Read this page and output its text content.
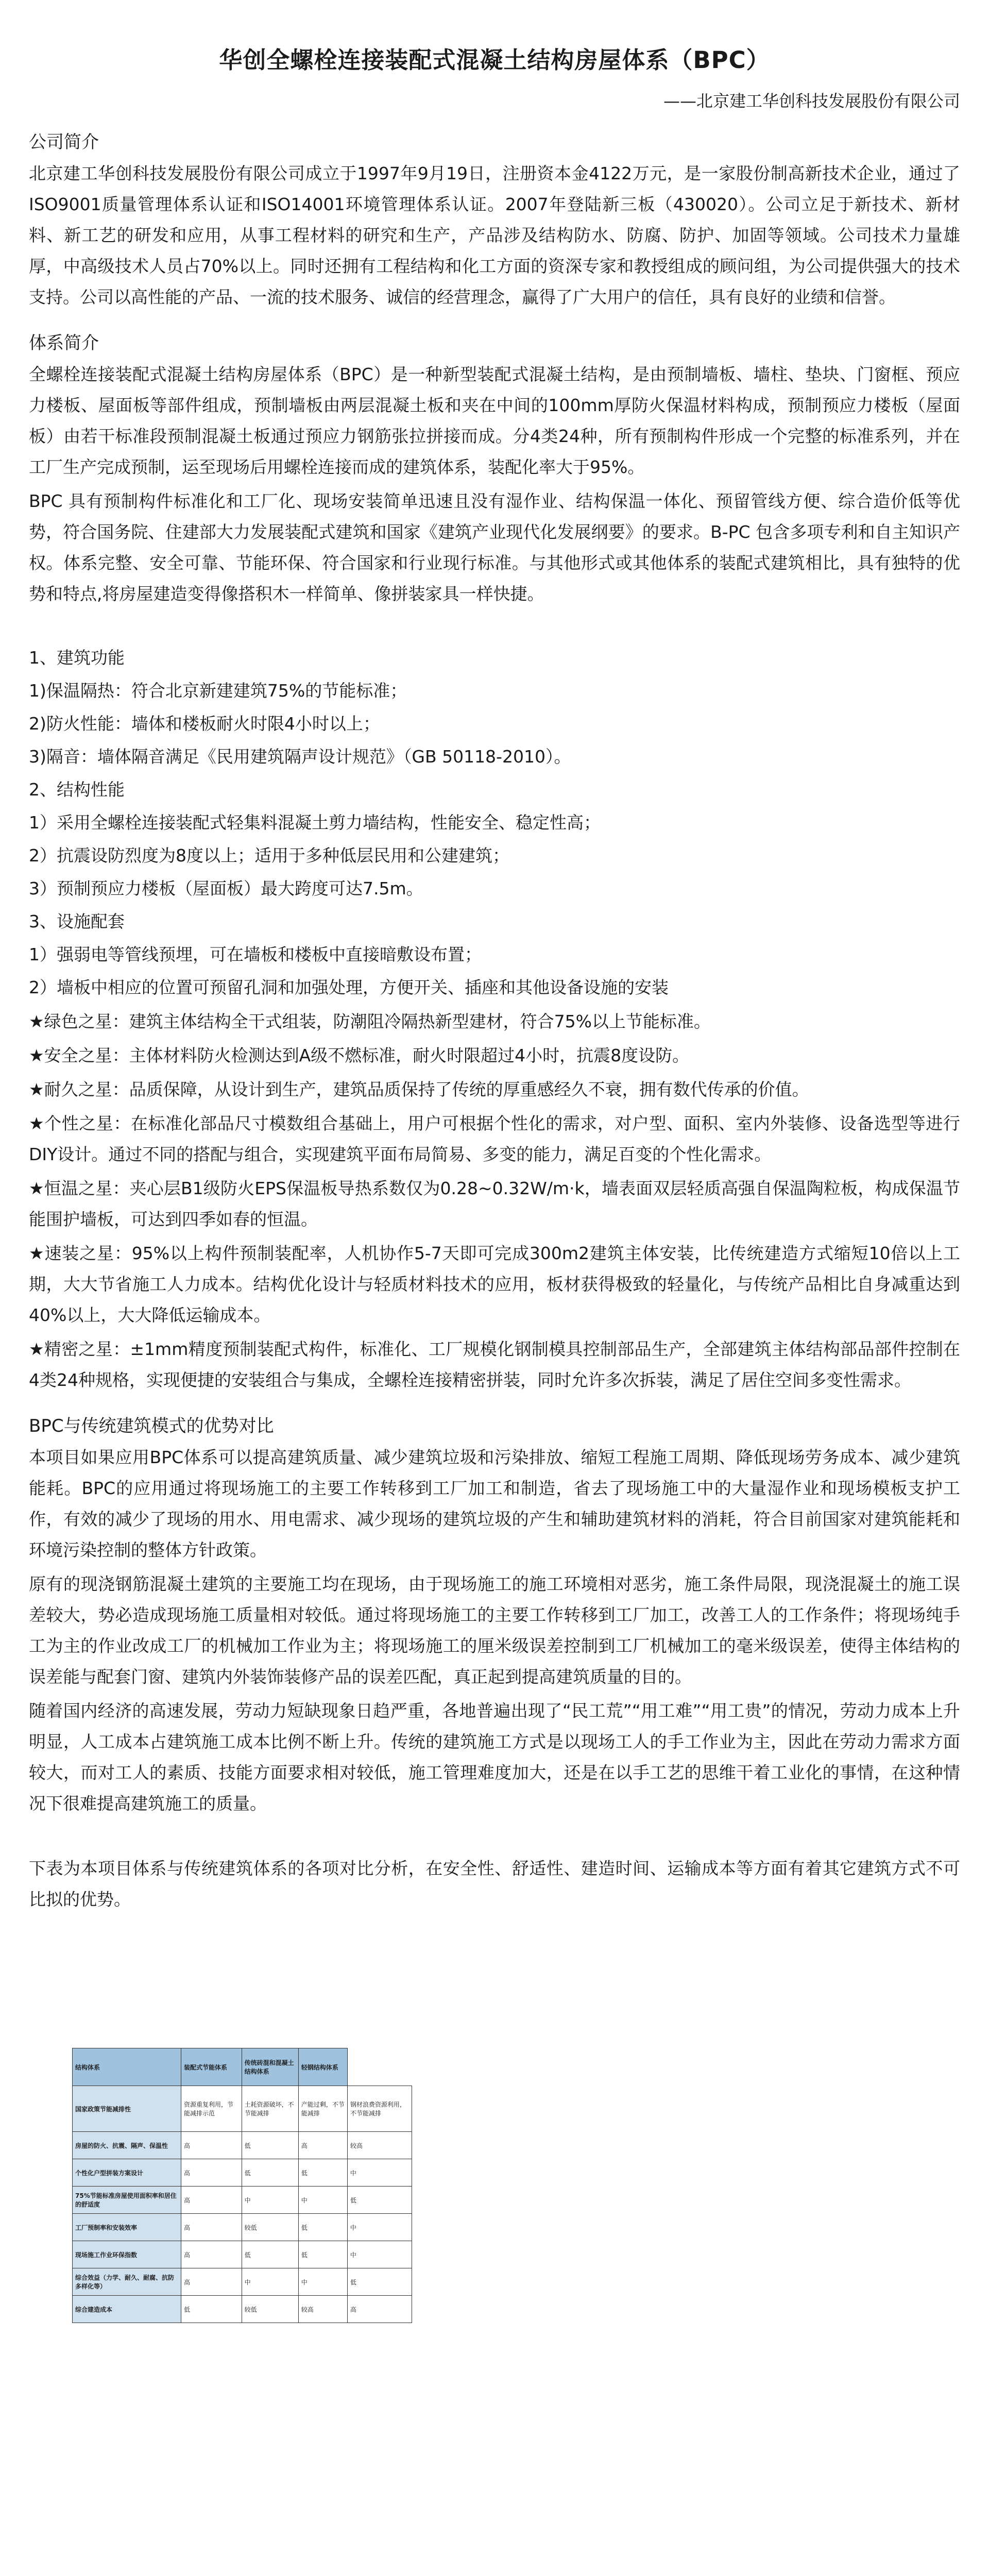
华创全螺栓连接装配式混凝土结构房屋体系（BPC）
——北京建工华创科技发展股份有限公司
公司简介

北京建工华创科技发展股份有限公司成立于1997年9月19日，注册资本金4122万元，是一家股份制高新技术企业，通过了ISO9001质量管理体系认证和ISO14001环境管理体系认证。2007年登陆新三板（430020）。公司立足于新技术、新材料、新工艺的研发和应用，从事工程材料的研究和生产，产品涉及结构防水、防腐、防护、加固等领域。公司技术力量雄厚，中高级技术人员占70%以上。同时还拥有工程结构和化工方面的资深专家和教授组成的顾问组，为公司提供强大的技术支持。公司以高性能的产品、一流的技术服务、诚信的经营理念，赢得了广大用户的信任，具有良好的业绩和信誉。

体系简介

全螺栓连接装配式混凝土结构房屋体系（BPC）是一种新型装配式混凝土结构，是由预制墙板、墙柱、垫块、门窗框、预应力楼板、屋面板等部件组成，预制墙板由两层混凝土板和夹在中间的100mm厚防火保温材料构成，预制预应力楼板（屋面板）由若干标准段预制混凝土板通过预应力钢筋张拉拼接而成。分4类24种，所有预制构件形成一个完整的标准系列，并在工厂生产完成预制，运至现场后用螺栓连接而成的建筑体系，装配化率大于95%。

BPC 具有预制构件标准化和工厂化、现场安装简单迅速且没有湿作业、结构保温一体化、预留管线方便、综合造价低等优势，符合国务院、住建部大力发展装配式建筑和国家《建筑产业现代化发展纲要》的要求。B-PC 包含多项专利和自主知识产权。体系完整、安全可靠、节能环保、符合国家和行业现行标准。与其他形式或其他体系的装配式建筑相比，具有独特的优势和特点,将房屋建造变得像搭积木一样简单、像拼装家具一样快捷。

1、建筑功能
1)保温隔热：符合北京新建建筑75%的节能标准；
2)防火性能：墙体和楼板耐火时限4小时以上；
3)隔音：墙体隔音满足《民用建筑隔声设计规范》（GB 50118-2010）。
2、结构性能
1）采用全螺栓连接装配式轻集料混凝土剪力墙结构，性能安全、稳定性高；
2）抗震设防烈度为8度以上；适用于多种低层民用和公建建筑；
3）预制预应力楼板（屋面板）最大跨度可达7.5m。
3、设施配套
1）强弱电等管线预埋，可在墙板和楼板中直接暗敷设布置；
2）墙板中相应的位置可预留孔洞和加强处理，方便开关、插座和其他设备设施的安装

★绿色之星：建筑主体结构全干式组装，防潮阻冷隔热新型建材，符合75%以上节能标准。

★安全之星：主体材料防火检测达到A级不燃标准，耐火时限超过4小时，抗震8度设防。

★耐久之星：品质保障，从设计到生产，建筑品质保持了传统的厚重感经久不衰，拥有数代传承的价值。

★个性之星：在标准化部品尺寸模数组合基础上，用户可根据个性化的需求，对户型、面积、室内外装修、设备选型等进行DIY设计。通过不同的搭配与组合，实现建筑平面布局简易、多变的能力，满足百变的个性化需求。

★恒温之星：夹心层B1级防火EPS保温板导热系数仅为0.28~0.32W/m·k，墙表面双层轻质高强自保温陶粒板，构成保温节能围护墙板，可达到四季如春的恒温。

★速装之星：95%以上构件预制装配率，人机协作5-7天即可完成300m2建筑主体安装，比传统建造方式缩短10倍以上工期，大大节省施工人力成本。结构优化设计与轻质材料技术的应用，板材获得极致的轻量化，与传统产品相比自身减重达到40%以上，大大降低运输成本。

★精密之星：±1mm精度预制装配式构件，标准化、工厂规模化钢制模具控制部品生产，全部建筑主体结构部品部件控制在4类24种规格，实现便捷的安装组合与集成，全螺栓连接精密拼装，同时允许多次拆装，满足了居住空间多变性需求。

BPC与传统建筑模式的优势对比

本项目如果应用BPC体系可以提高建筑质量、减少建筑垃圾和污染排放、缩短工程施工周期、降低现场劳务成本、减少建筑能耗。BPC的应用通过将现场施工的主要工作转移到工厂加工和制造，省去了现场施工中的大量湿作业和现场模板支护工作，有效的减少了现场的用水、用电需求、减少现场的建筑垃圾的产生和辅助建筑材料的消耗，符合目前国家对建筑能耗和环境污染控制的整体方针政策。

原有的现浇钢筋混凝土建筑的主要施工均在现场，由于现场施工的施工环境相对恶劣，施工条件局限，现浇混凝土的施工误差较大，势必造成现场施工质量相对较低。通过将现场施工的主要工作转移到工厂加工，改善工人的工作条件；将现场纯手工为主的作业改成工厂的机械加工作业为主；将现场施工的厘米级误差控制到工厂机械加工的毫米级误差，使得主体结构的误差能与配套门窗、建筑内外装饰装修产品的误差匹配，真正起到提高建筑质量的目的。

随着国内经济的高速发展，劳动力短缺现象日趋严重，各地普遍出现了“民工荒”“用工难”“用工贵”的情况，劳动力成本上升明显，人工成本占建筑施工成本比例不断上升。传统的建筑施工方式是以现场工人的手工作业为主，因此在劳动力需求方面较大，而对工人的素质、技能方面要求相对较低，施工管理难度加大，还是在以手工艺的思维干着工业化的事情，在这种情况下很难提高建筑施工的质量。

下表为本项目体系与传统建筑体系的各项对比分析，在安全性、舒适性、建造时间、运输成本等方面有着其它建筑方式不可比拟的优势。

结构体系	装配式节能体系	传统砖混和混凝土结构体系	轻钢结构体系	
国家政策节能减排性	资源重复利用，节能减排示范	土耗资源破坏，不节能减排	产能过剩，不节能减排	钢材浪费资源利用，不节能减排
房屋的防火、抗震、隔声、保温性	高	低	高	较高
个性化户型拼装方案设计	高	低	低	中
75%节能标准房屋使用面积率和居住的舒适度	高	中	中	低
工厂预制率和安装效率	高	较低	低	中
现场施工作业环保指数	高	低	低	中
综合效益（力学、耐久、耐腐、抗防多样化等）	高	中	中	低
综合建造成本	低	较低	较高	高
